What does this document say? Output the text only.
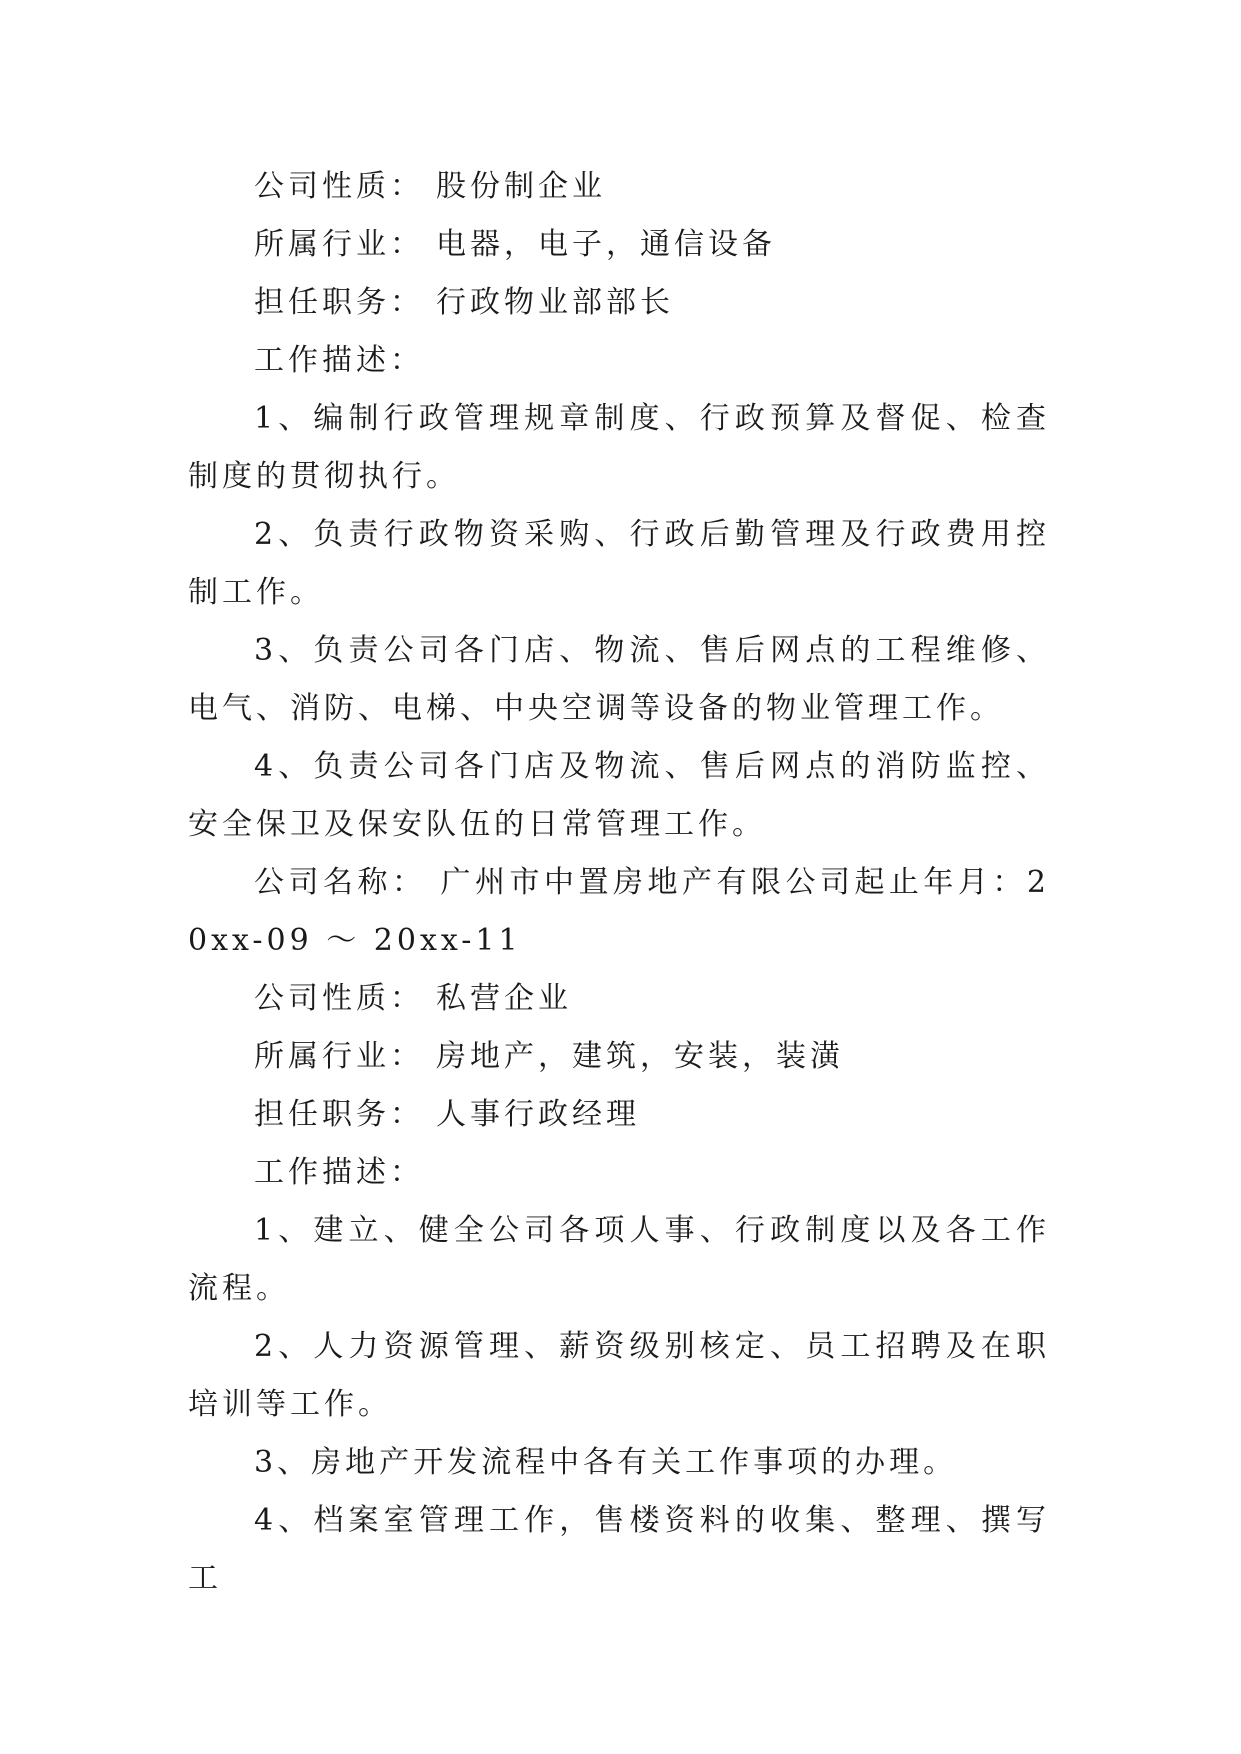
公司性质： 股份制企业
所属行业： 电器，电子，通信设备
担任职务： 行政物业部部长
工作描述：
1、编制行政管理规章制度、行政预算及督促、检查制度的贯彻执行。
2、负责行政物资采购、行政后勤管理及行政费用控制工作。
3、负责公司各门店、物流、售后网点的工程维修、电气、消防、电梯、中央空调等设备的物业管理工作。
4、负责公司各门店及物流、售后网点的消防监控、安全保卫及保安队伍的日常管理工作。
公司名称： 广州市中置房地产有限公司起止年月：20xx-09 ～ 20xx-11
公司性质： 私营企业
所属行业： 房地产，建筑，安装，装潢
担任职务： 人事行政经理
工作描述：
1、建立、健全公司各项人事、行政制度以及各工作流程。
2、人力资源管理、薪资级别核定、员工招聘及在职培训等工作。
3、房地产开发流程中各有关工作事项的办理。
4、档案室管理工作，售楼资料的收集、整理、撰写工
